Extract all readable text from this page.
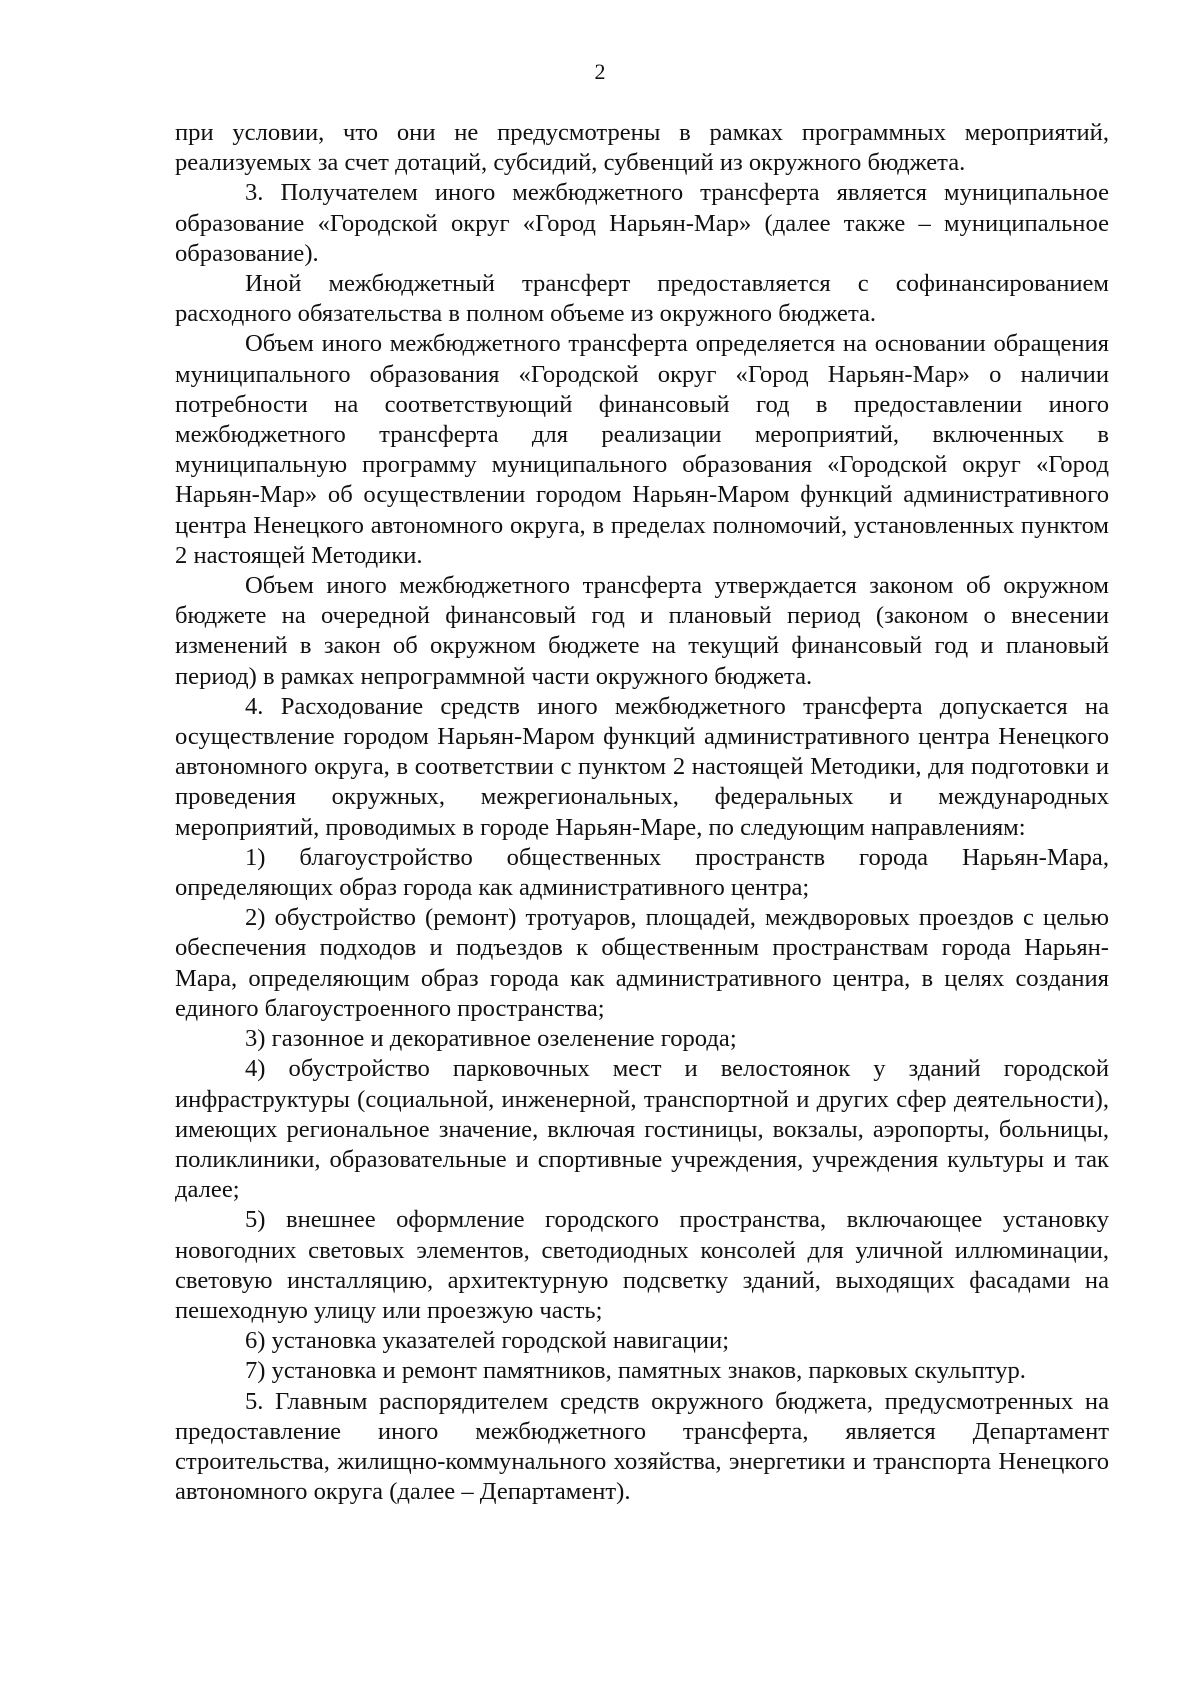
2

при условии, что они не предусмотрены в рамках программных мероприятий, реализуемых за счет дотаций, субсидий, субвенций из окружного бюджета.

3. Получателем иного межбюджетного трансферта является муниципальное образование «Городской округ «Город Нарьян-Мар» (далее также – муниципальное образование).

Иной межбюджетный трансферт предоставляется с софинансированием расходного обязательства в полном объеме из окружного бюджета.

Объем иного межбюджетного трансферта определяется на основании обращения муниципального образования «Городской округ «Город Нарьян-Мар» о наличии потребности на соответствующий финансовый год в предоставлении иного межбюджетного трансферта для реализации мероприятий, включенных в муниципальную программу муниципального образования «Городской округ «Город Нарьян-Мар» об осуществлении городом Нарьян-Маром функций административного центра Ненецкого автономного округа, в пределах полномочий, установленных пунктом 2 настоящей Методики.

Объем иного межбюджетного трансферта утверждается законом об окружном бюджете на очередной финансовый год и плановый период (законом о внесении изменений в закон об окружном бюджете на текущий финансовый год и плановый период) в рамках непрограммной части окружного бюджета.

4. Расходование средств иного межбюджетного трансферта допускается на осуществление городом Нарьян-Маром функций административного центра Ненецкого автономного округа, в соответствии с пунктом 2 настоящей Методики, для подготовки и проведения окружных, межрегиональных, федеральных и международных мероприятий, проводимых в городе Нарьян-Маре, по следующим направлениям:

1) благоустройство общественных пространств города Нарьян-Мара, определяющих образ города как административного центра;

2) обустройство (ремонт) тротуаров, площадей, междворовых проездов с целью обеспечения подходов и подъездов к общественным пространствам города Нарьян-Мара, определяющим образ города как административного центра, в целях создания единого благоустроенного пространства;

3) газонное и декоративное озеленение города;

4) обустройство парковочных мест и велостоянок у зданий городской инфраструктуры (социальной, инженерной, транспортной и других сфер деятельности), имеющих региональное значение, включая гостиницы, вокзалы, аэропорты, больницы, поликлиники, образовательные и спортивные учреждения, учреждения культуры и так далее;

5) внешнее оформление городского пространства, включающее установку новогодних световых элементов, светодиодных консолей для уличной иллюминации, световую инсталляцию, архитектурную подсветку зданий, выходящих фасадами на пешеходную улицу или проезжую часть;

6) установка указателей городской навигации;

7) установка и ремонт памятников, памятных знаков, парковых скульптур.

5. Главным распорядителем средств окружного бюджета, предусмотренных на предоставление иного межбюджетного трансферта, является Департамент строительства, жилищно-коммунального хозяйства, энергетики и транспорта Ненецкого автономного округа (далее – Департамент).
